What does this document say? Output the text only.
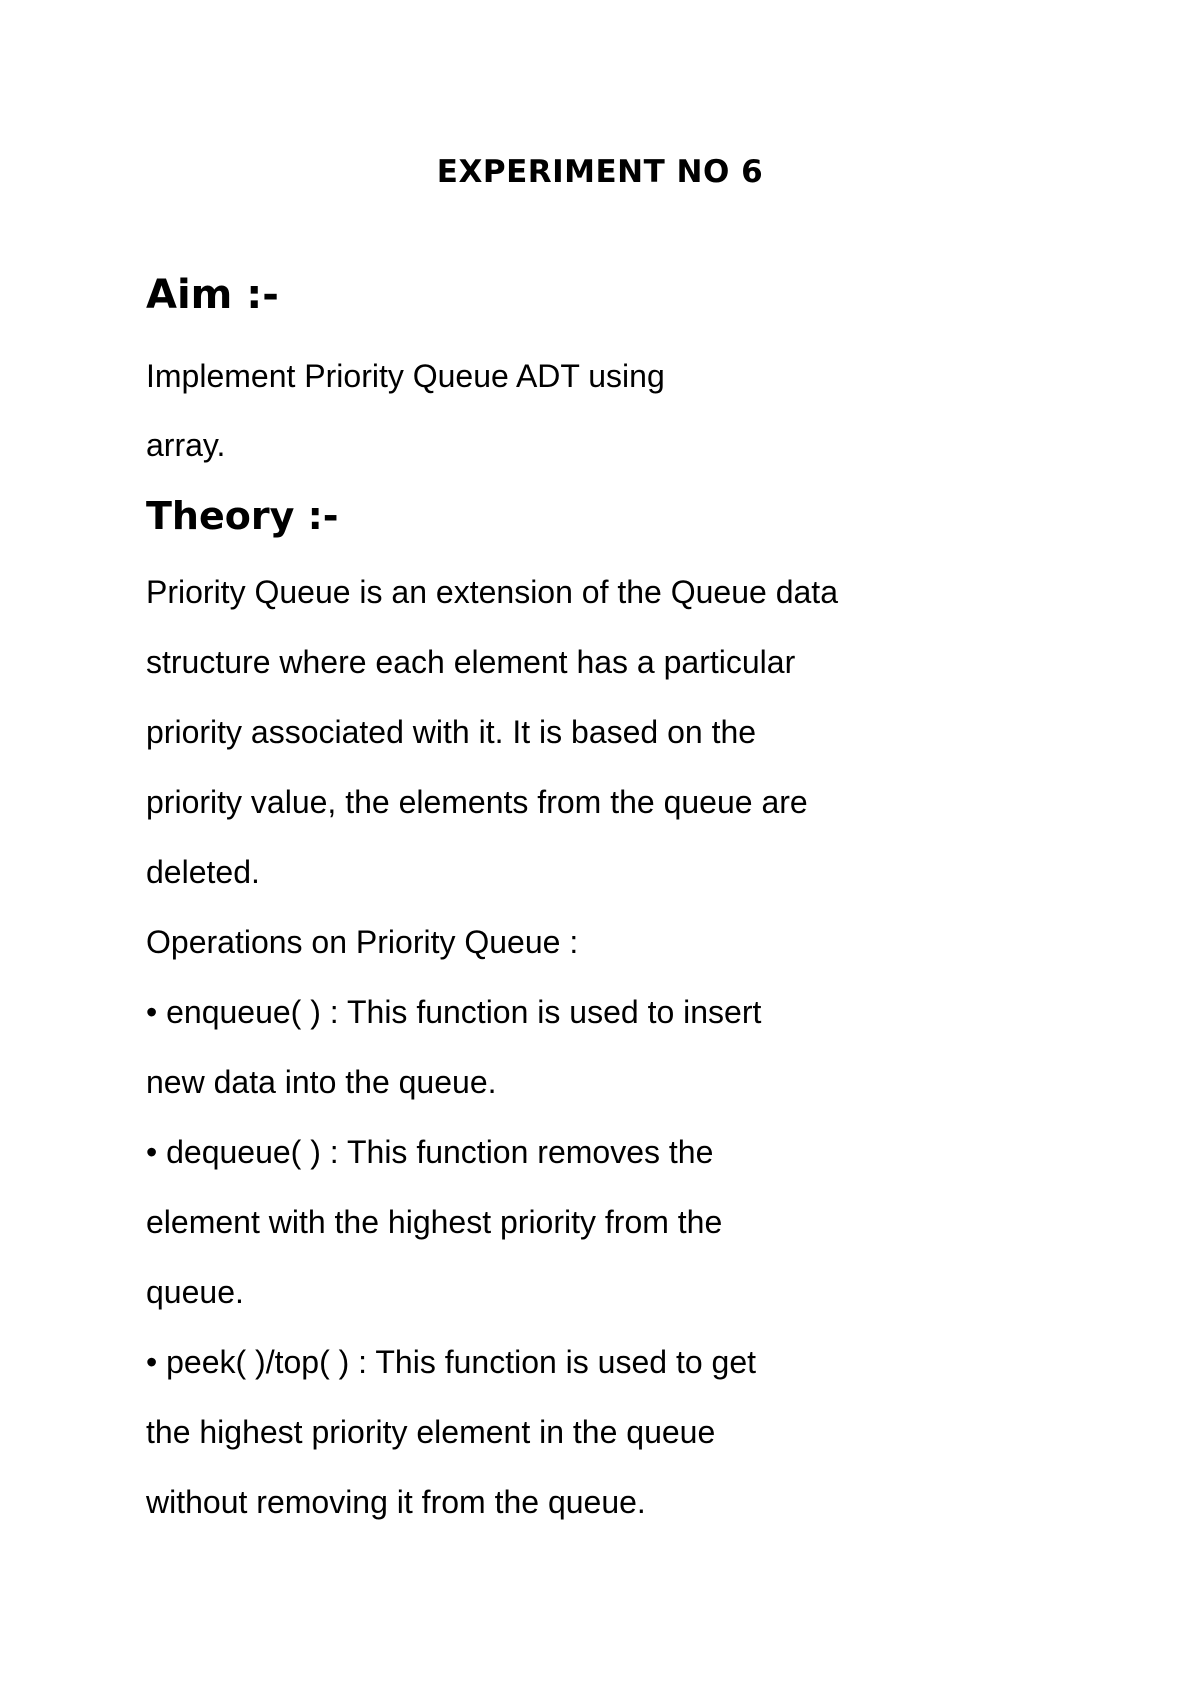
EXPERIMENT NO 6
Aim :-
Implement Priority Queue ADT using
array.
Theory :-
Priority Queue is an extension of the Queue data
structure where each element has a particular
priority associated with it. It is based on the
priority value, the elements from the queue are
deleted.
Operations on Priority Queue :
• enqueue( ) : This function is used to insert
new data into the queue.
• dequeue( ) : This function removes the
element with the highest priority from the
queue.
• peek( )/top( ) : This function is used to get
the highest priority element in the queue
without removing it from the queue.
